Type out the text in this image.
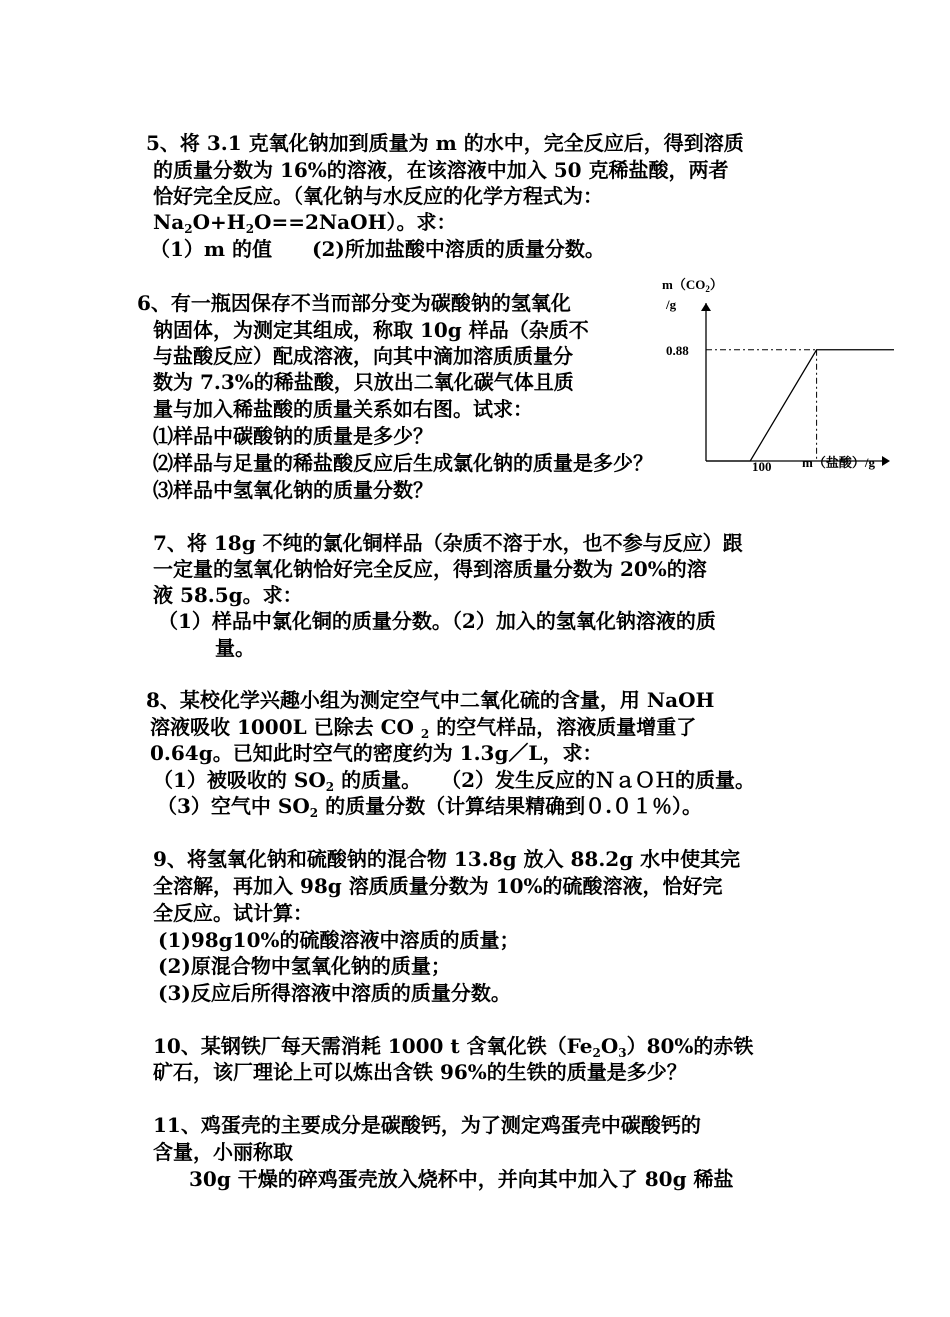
5、将 3.1 克氧化钠加到质量为 m 的水中，完全反应后，得到溶质
的质量分数为 16%的溶液，在该溶液中加入 50 克稀盐酸，两者
恰好完全反应。（氧化钠与水反应的化学方程式为：
$Na_2O+H_2O==2NaOH$）。求：
（1）m 的值　　(2)所加盐酸中溶质的质量分数。
6、有一瓶因保存不当而部分变为碳酸钠的氢氧化
钠固体，为测定其组成，称取 10g 样品（杂质不
与盐酸反应）配成溶液，向其中滴加溶质质量分
数为 7.3%的稀盐酸，只放出二氧化碳气体且质
量与加入稀盐酸的质量关系如右图。试求：
⑴样品中碳酸钠的质量是多少？
⑵样品与足量的稀盐酸反应后生成氯化钠的质量是多少？
⑶样品中氢氧化钠的质量分数？
$m(CO_2)$
/g
0.88
100 m（盐酸）/g
7、将 18g 不纯的氯化铜样品（杂质不溶于水，也不参与反应）跟
一定量的氢氧化钠恰好完全反应，得到溶质量分数为 20%的溶
液 58.5g。求：
（1）样品中氯化铜的质量分数。（2）加入的氢氧化钠溶液的质
量。
8、某校化学兴趣小组为测定空气中二氧化硫的含量，用 NaOH
溶液吸收 1000L 已除去 CO $_2$ 的空气样品，溶液质量增重了
0.64g。已知此时空气的密度约为 1.3g／L，求：
（1）被吸收的 $SO_2$ 的质量。　　（2）发生反应的ＮａＯＨ的质量。
（3）空气中 $SO_2$ 的质量分数（计算结果精确到０.０１％）。
9、将氢氧化钠和硫酸钠的混合物 13.8g 放入 88.2g 水中使其完
全溶解，再加入 98g 溶质质量分数为 10%的硫酸溶液，恰好完
全反应。试计算：
(1)98g10%的硫酸溶液中溶质的质量；
(2)原混合物中氢氧化钠的质量；
(3)反应后所得溶液中溶质的质量分数。
10、某钢铁厂每天需消耗 1000 t 含氧化铁$(Fe_2O_3)80\%$的赤铁
矿石，该厂理论上可以炼出含铁 96%的生铁的质量是多少？
11、鸡蛋壳的主要成分是碳酸钙，为了测定鸡蛋壳中碳酸钙的
含量，小丽称取
30g 干燥的碎鸡蛋壳放入烧杯中，并向其中加入了 80g 稀盐
